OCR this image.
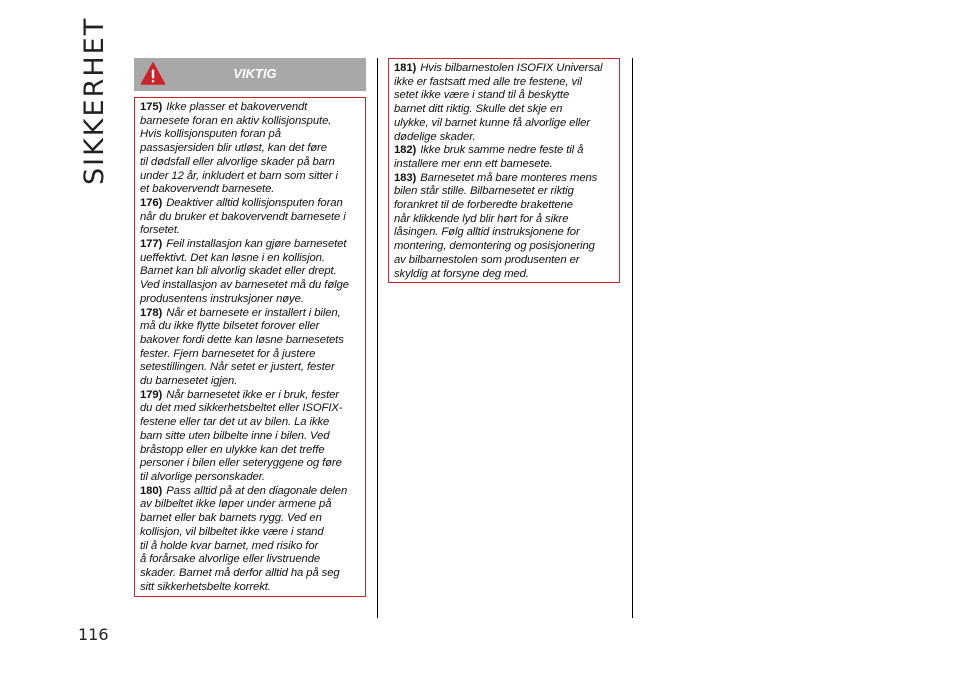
SIKKERHET	VIKTIG

175) Ikke plasser et bakovervendt
barnesete foran en aktiv kollisjonspute.
Hvis kollisjonsputen foran på
passasjersiden blir utløst, kan det føre
til dødsfall eller alvorlige skader på barn
under 12 år, inkludert et barn som sitter i
et bakovervendt barnesete.

176) Deaktiver alltid kollisjonsputen foran
når du bruker et bakovervendt barnesete i
forsetet.

177) Feil installasjon kan gjøre barnesetet
ueffektivt. Det kan løsne i en kollisjon.
Barnet kan bli alvorlig skadet eller drept.
Ved installasjon av barnesetet må du følge
produsentens instruksjoner nøye.

178) Når et barnesete er installert i bilen,
må du ikke flytte bilsetet forover eller
bakover fordi dette kan løsne barnesetets
fester. Fjern barnesetet for å justere
setestillingen. Når setet er justert, fester
du barnesetet igjen.

179) Når barnesetet ikke er i bruk, fester
du det med sikkerhetsbeltet eller ISOFIX-
festene eller tar det ut av bilen. La ikke
barn sitte uten bilbelte inne i bilen. Ved
bråstopp eller en ulykke kan det treffe
personer i bilen eller seteryggene og føre
til alvorlige personskader.

180) Pass alltid på at den diagonale delen
av bilbeltet ikke løper under armene på
barnet eller bak barnets rygg. Ved en
kollisjon, vil bilbeltet ikke være i stand
til å holde kvar barnet, med risiko for
å forårsake alvorlige eller livstruende
skader. Barnet må derfor alltid ha på seg
sitt sikkerhetsbelte korrekt.

181) Hvis bilbarnestolen ISOFIX Universal
ikke er fastsatt med alle tre festene, vil
setet ikke være i stand til å beskytte
barnet ditt riktig. Skulle det skje en
ulykke, vil barnet kunne få alvorlige eller
dødelige skader.

182) Ikke bruk samme nedre feste til å
installere mer enn ett barnesete.

183) Barnesetet må bare monteres mens
bilen står stille. Bilbarnesetet er riktig
forankret til de forberedte brakettene
når klikkende lyd blir hørt for å sikre
låsingen. Følg alltid instruksjonene for
montering, demontering og posisjonering
av bilbarnestolen som produsenten er
skyldig at forsyne deg med.

116
